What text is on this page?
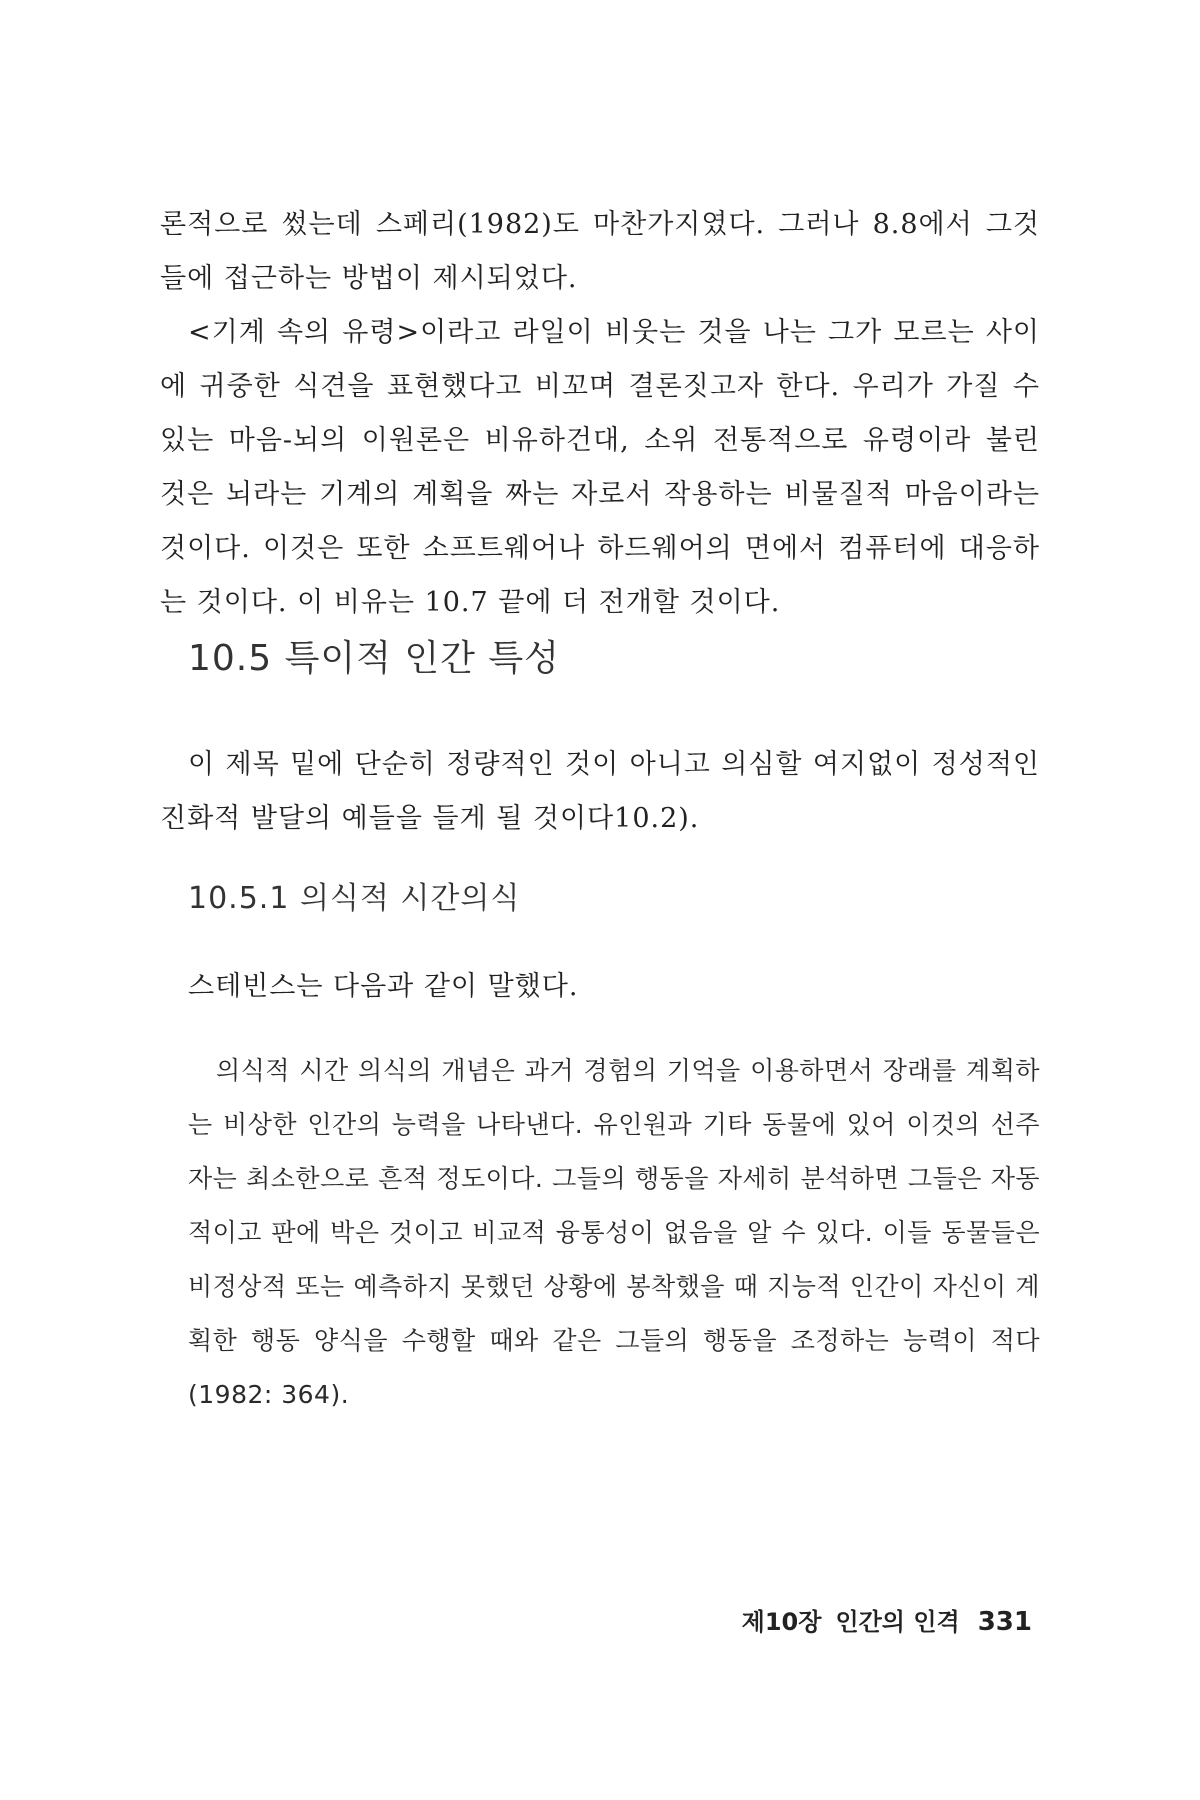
론적으로 썼는데 스페리(1982)도 마찬가지였다. 그러나 8.8에서 그것들에 접근하는 방법이 제시되었다.

<기계 속의 유령>이라고 라일이 비웃는 것을 나는 그가 모르는 사이에 귀중한 식견을 표현했다고 비꼬며 결론짓고자 한다. 우리가 가질 수 있는 마음-뇌의 이원론은 비유하건대, 소위 전통적으로 유령이라 불린 것은 뇌라는 기계의 계획을 짜는 자로서 작용하는 비물질적 마음이라는 것이다. 이것은 또한 소프트웨어나 하드웨어의 면에서 컴퓨터에 대응하는 것이다. 이 비유는 10.7 끝에 더 전개할 것이다.

10.5 특이적 인간 특성

이 제목 밑에 단순히 정량적인 것이 아니고 의심할 여지없이 정성적인 진화적 발달의 예들을 들게 될 것이다10.2).

10.5.1 의식적 시간의식

스테빈스는 다음과 같이 말했다.

의식적 시간 의식의 개념은 과거 경험의 기억을 이용하면서 장래를 계획하는 비상한 인간의 능력을 나타낸다. 유인원과 기타 동물에 있어 이것의 선주자는 최소한으로 흔적 정도이다. 그들의 행동을 자세히 분석하면 그들은 자동적이고 판에 박은 것이고 비교적 융통성이 없음을 알 수 있다. 이들 동물들은 비정상적 또는 예측하지 못했던 상황에 봉착했을 때 지능적 인간이 자신이 계획한 행동 양식을 수행할 때와 같은 그들의 행동을 조정하는 능력이 적다(1982: 364).

제10장 인간의 인격 331
